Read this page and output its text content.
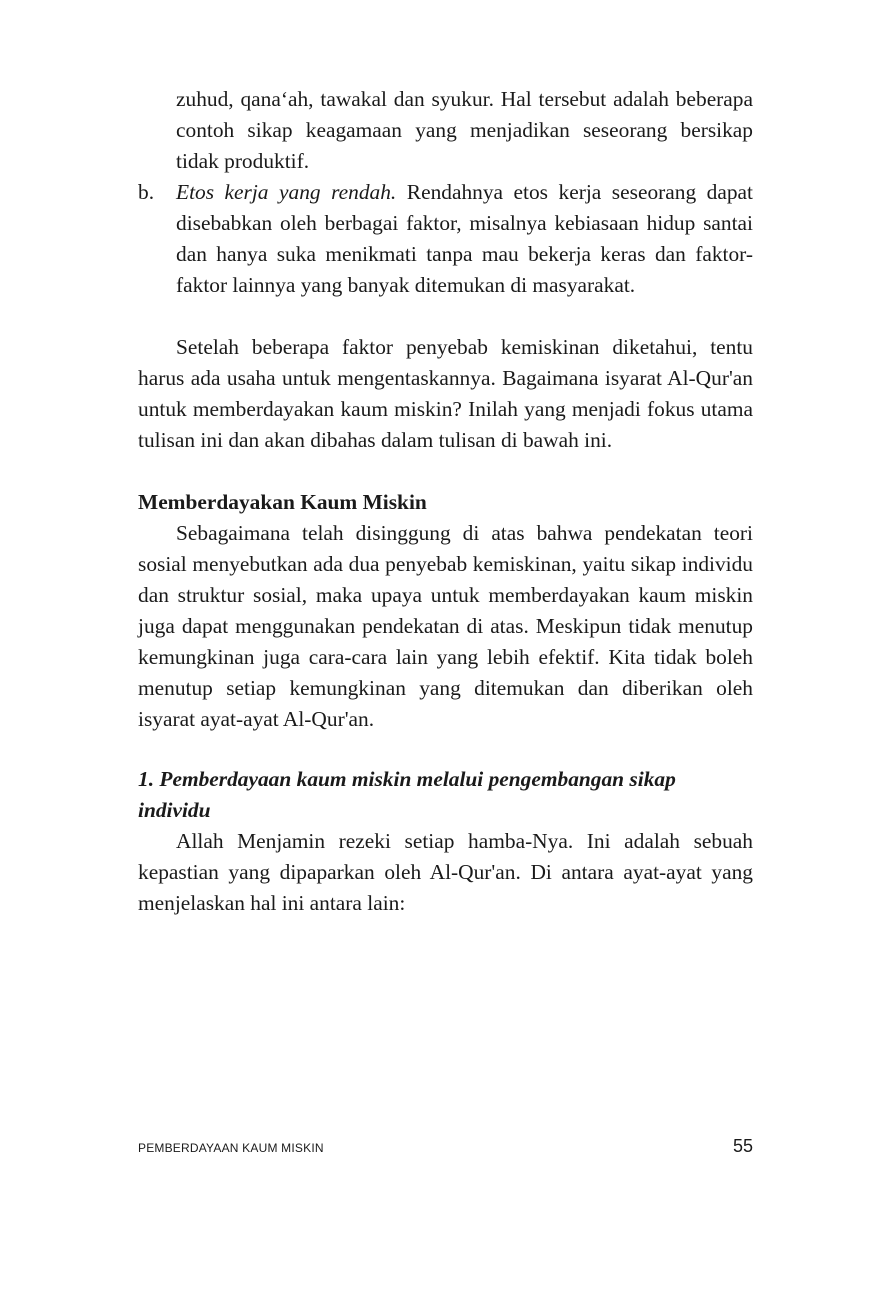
zuhud, qana‘ah, tawakal dan syukur. Hal tersebut adalah beberapa contoh sikap keagamaan yang menjadikan seseorang bersikap tidak produktif.

b. Etos kerja yang rendah. Rendahnya etos kerja seseorang dapat disebabkan oleh berbagai faktor, misalnya kebiasaan hidup santai dan hanya suka menikmati tanpa mau bekerja keras dan faktor-faktor lainnya yang banyak ditemukan di masyarakat.

Setelah beberapa faktor penyebab kemiskinan diketahui, tentu harus ada usaha untuk mengentaskannya. Bagaimana isyarat Al-Qur'an untuk memberdayakan kaum miskin? Inilah yang menjadi fokus utama tulisan ini dan akan dibahas dalam tulisan di bawah ini.

Memberdayakan Kaum Miskin

Sebagaimana telah disinggung di atas bahwa pendekatan teori sosial menyebutkan ada dua penyebab kemiskinan, yaitu sikap individu dan struktur sosial, maka upaya untuk memberdayakan kaum miskin juga dapat menggunakan pendekatan di atas. Meskipun tidak menutup kemungkinan juga cara-cara lain yang lebih efektif. Kita tidak boleh menutup setiap kemungkinan yang ditemukan dan diberikan oleh isyarat ayat-ayat Al-Qur'an.

1. Pemberdayaan kaum miskin melalui pengembangan sikap individu

Allah Menjamin rezeki setiap hamba-Nya. Ini adalah sebuah kepastian yang dipaparkan oleh Al-Qur'an. Di antara ayat-ayat yang menjelaskan hal ini antara lain:

PEMBERDAYAAN KAUM MISKIN	55
